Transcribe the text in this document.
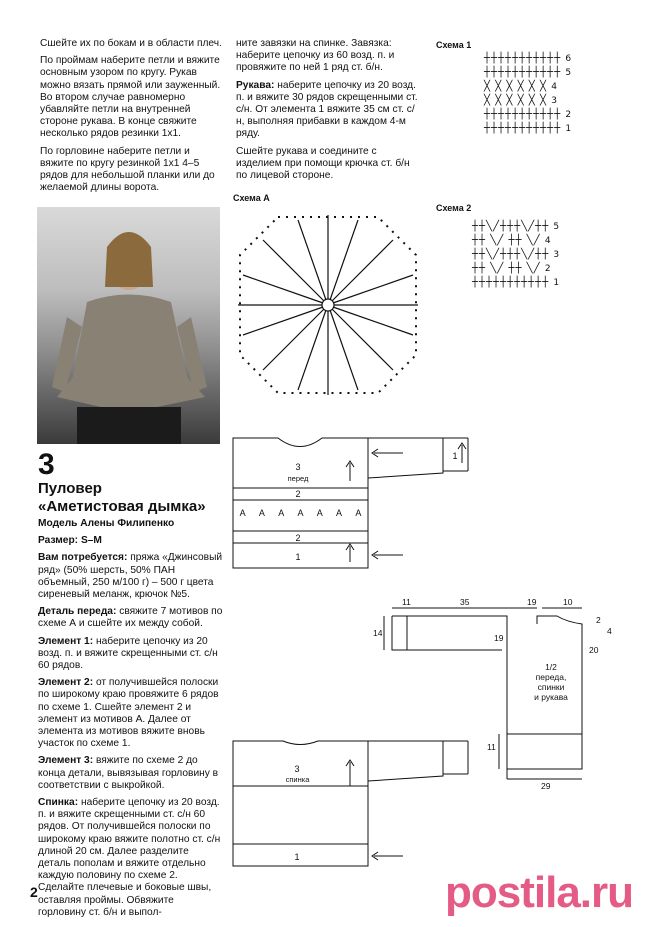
Сшейте их по бокам и в области плеч.

По проймам наберите петли и вяжите основным узором по кругу. Рукав можно вязать прямой или зауженный. Во втором случае равномерно убавляйте петли на внутренней стороне рукава. В конце свяжите несколько рядов резинки 1х1.

По горловине наберите петли и вяжите по кругу резинкой 1х1 4–5 рядов для небольшой планки или до желаемой длины ворота.

ните завязки на спинке. Завязка: наберите цепочку из 60 возд. п. и провяжите по ней 1 ряд ст. б/н.

Рукава: наберите цепочку из 20 возд. п. и вяжите 30 рядов скрещенными ст. с/н. От элемента 1 вяжите 35 см ст. с/н, выполняя прибавки в каждом 4-м ряду.

Сшейте рукава и соедините с изделием при помощи крючка ст. б/н по лицевой стороне.

Схема 1
┼┼┼┼┼┼┼┼┼┼┼ 6
┼┼┼┼┼┼┼┼┼┼┼ 5
╳ ╳ ╳ ╳ ╳ ╳ 4
╳ ╳ ╳ ╳ ╳ ╳ 3
┼┼┼┼┼┼┼┼┼┼┼ 2
┼┼┼┼┼┼┼┼┼┼┼ 1
Схема А
Схема 2
┼┼╲╱┼┼┼╲╱┼┼ 5
┼┼ ╲╱ ┼┼ ╲╱ 4
┼┼╲╱┼┼┼╲╱┼┼ 3
┼┼ ╲╱ ┼┼ ╲╱ 2
┼┼┼┼┼┼┼┼┼┼┼ 1
3
Пуловер
«Аметистовая дымка»

Модель Алены Филипенко

Размер: S–M

Вам потребуется: пряжа «Джинсовый ряд» (50% шерсть, 50% ПАН объемный, 250 м/100 г) – 500 г цвета сиреневый меланж, крючок №5.

Деталь переда: свяжите 7 мотивов по схеме А и сшейте их между собой.

Элемент 1: наберите цепочку из 20 возд. п. и вяжите скрещенными ст. с/н 60 рядов.

Элемент 2: от получившейся полоски по широкому краю провяжите 6 рядов по схеме 1. Сшейте элемент 2 и элемент из мотивов А. Далее от элемента из мотивов вяжите вновь участок по схеме 1.

Элемент 3: вяжите по схеме 2 до конца детали, вывязывая горловину в соответствии с выкройкой.

Спинка: наберите цепочку из 20 возд. п. и вяжите скрещенными ст. с/н 60 рядов. От получившейся полоски по широкому краю вяжите полотно ст. с/н длиной 20 см. Далее разделите деталь пополам и вяжите отдельно каждую половину по схеме 2. Сделайте плечевые и боковые швы, оставляя проймы. Обвяжите горловину ст. б/н и выпол-

3
перед
2
А А А А А А А
2
1
1
11	35	19	10
14	19
2
4
20
11
29
1/2
переда,
спинки
и рукава
3
спинка
1
2	postila.ru
